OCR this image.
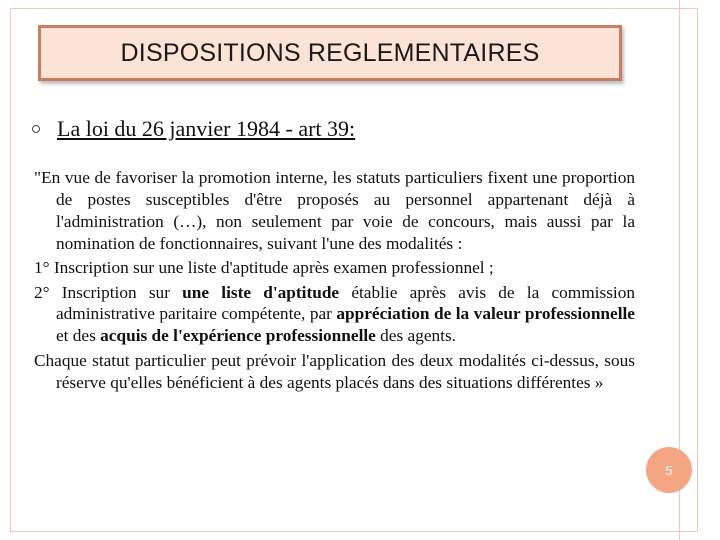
DISPOSITIONS REGLEMENTAIRES
La loi du 26 janvier 1984 - art 39:
"En vue de favoriser la promotion interne, les statuts particuliers fixent une proportion de postes susceptibles d'être proposés au personnel appartenant déjà à l'administration (…), non seulement par voie de concours, mais aussi par la nomination de fonctionnaires, suivant l'une des modalités :
1° Inscription sur une liste d'aptitude après examen professionnel ;
2° Inscription sur une liste d'aptitude établie après avis de la commission administrative paritaire compétente, par appréciation de la valeur professionnelle et des acquis de l'expérience professionnelle des agents.
Chaque statut particulier peut prévoir l'application des deux modalités ci-dessus, sous réserve qu'elles bénéficient à des agents placés dans des situations différentes »
5
